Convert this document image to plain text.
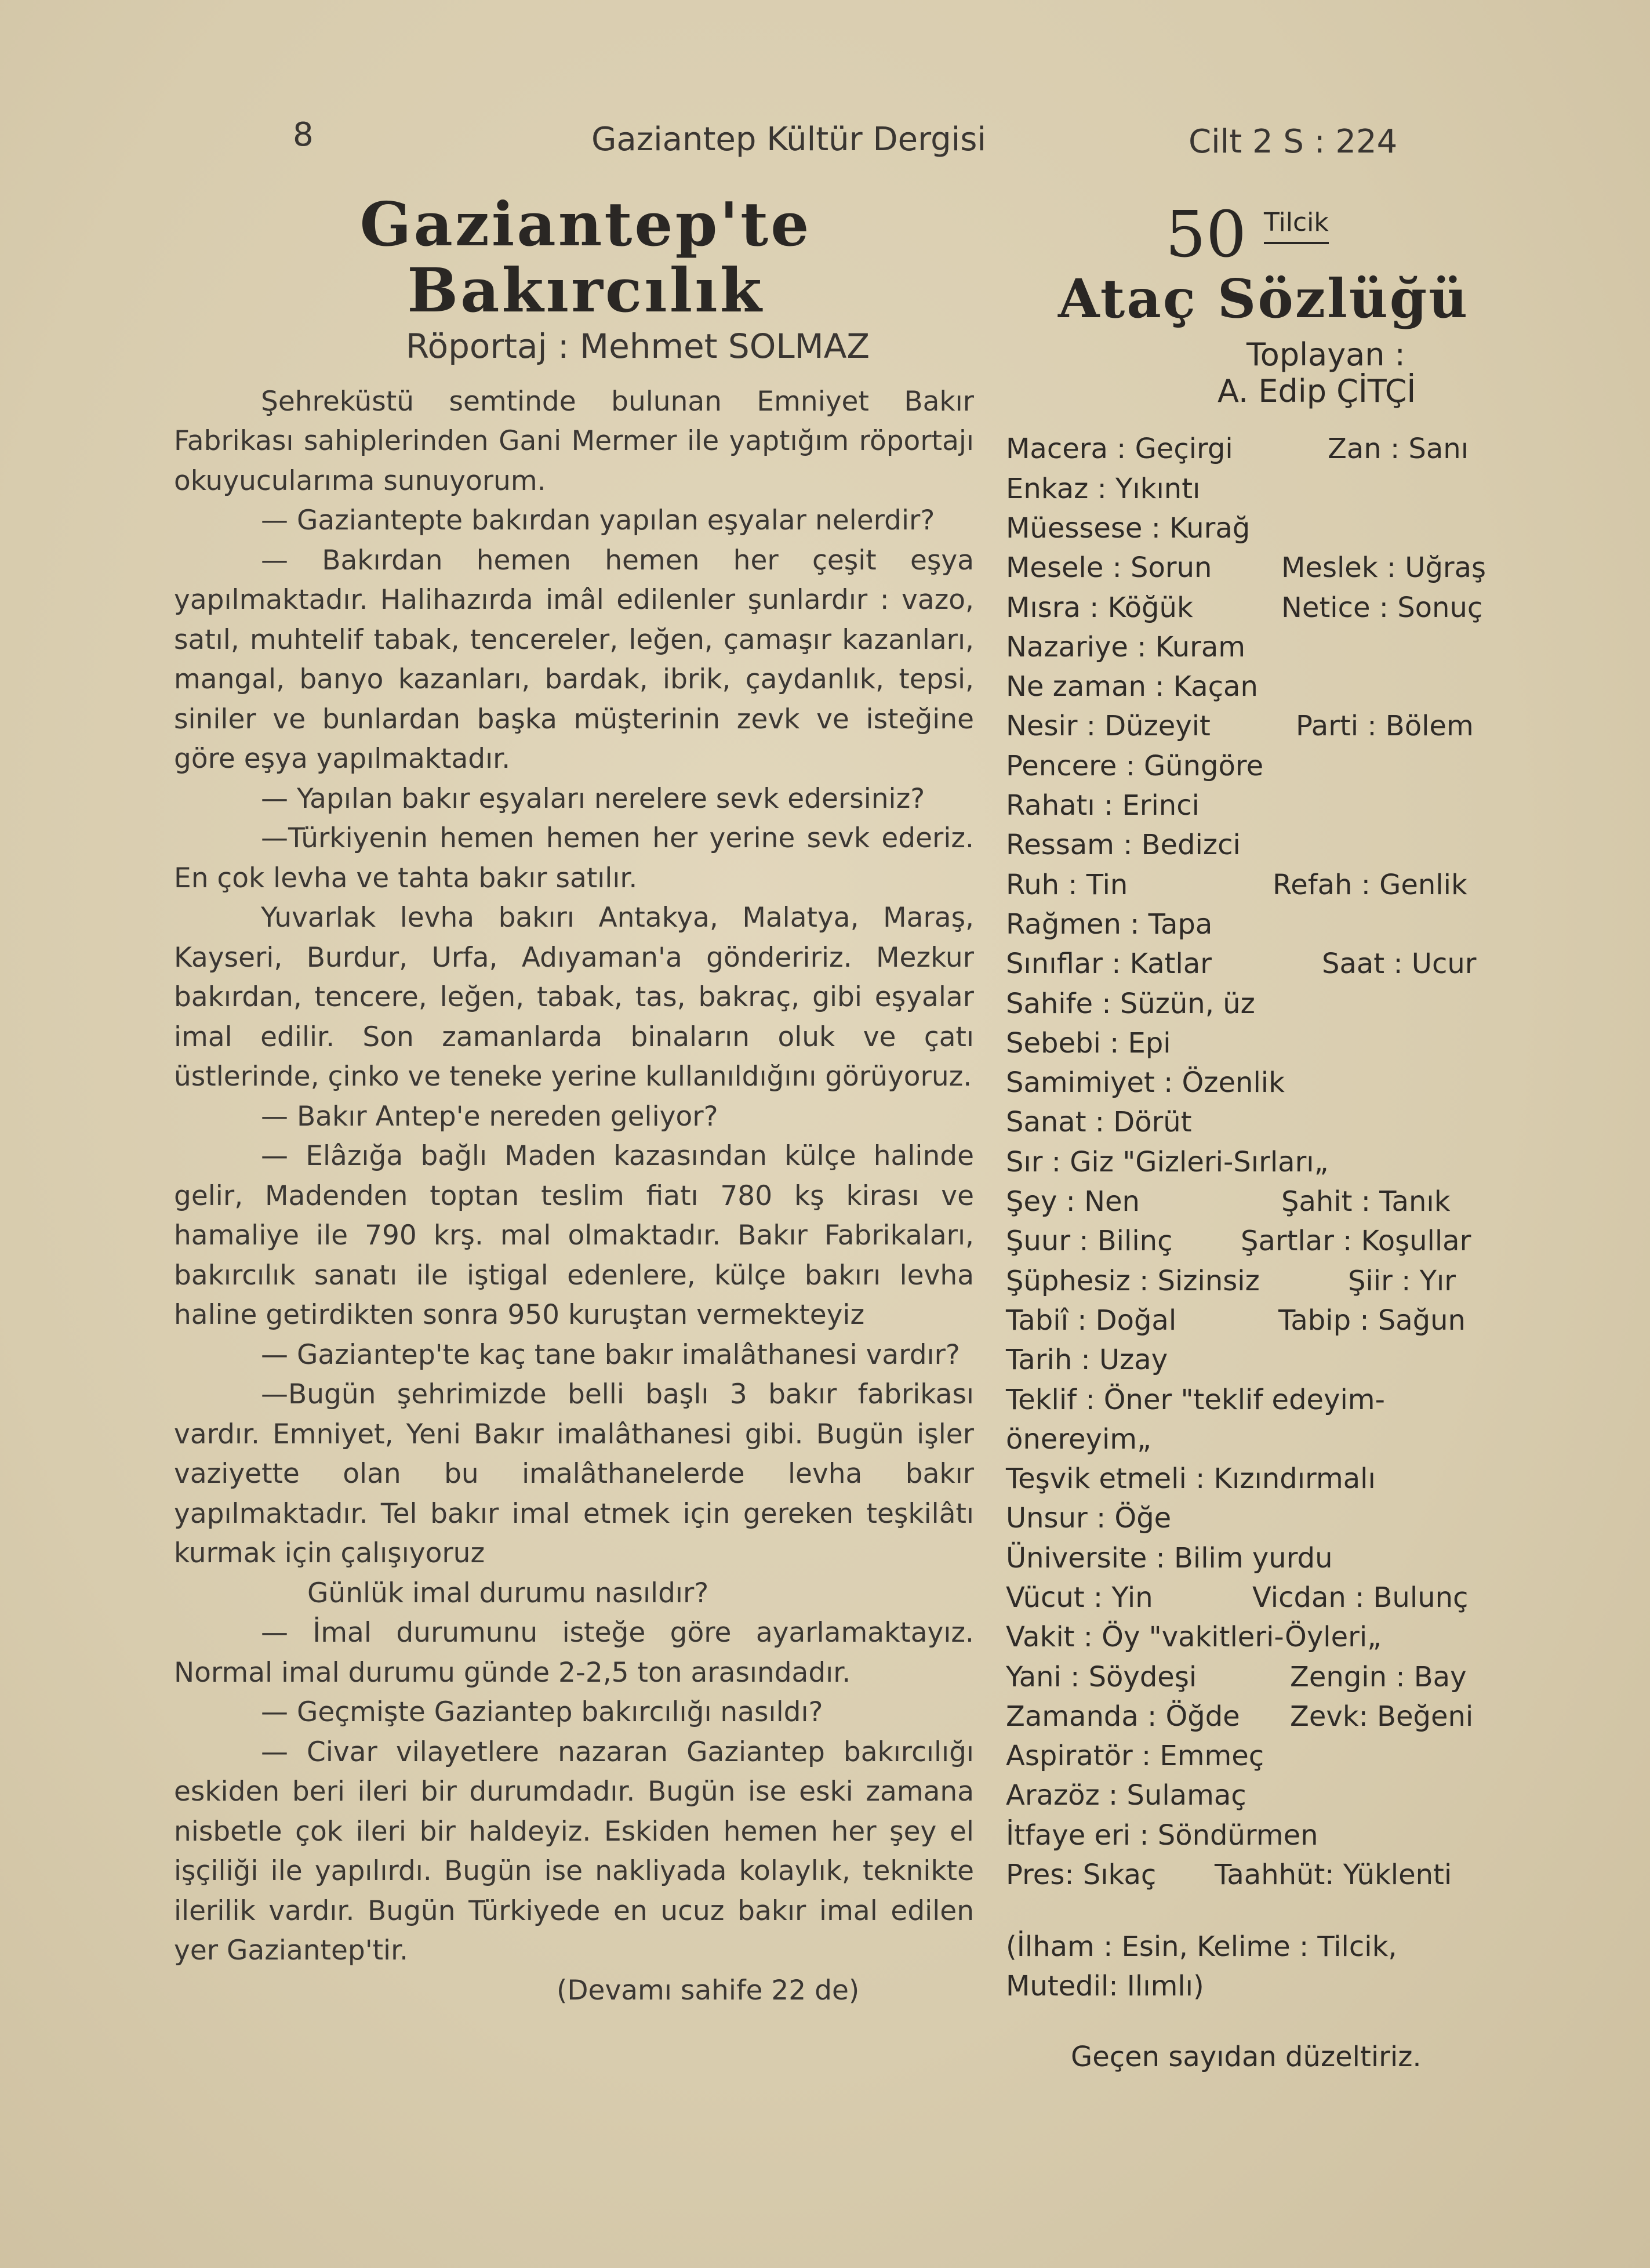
8	Gaziantep Kültür Dergisi	Cilt 2 S : 224
Gaziantep'te Bakırcılık
Röportaj : Mehmet SOLMAZ

Şehreküstü semtinde bulunan Emniyet Bakır Fabrikası sahiplerinden Gani Mermer ile yaptığım röportajı okuyucularıma sunuyorum.

— Gaziantepte bakırdan yapılan eşyalar nelerdir?

— Bakırdan hemen hemen her çeşit eşya yapılmaktadır. Halihazırda imâl edilenler şunlardır : vazo, satıl, muhtelif tabak, tencereler, leğen, çamaşır kazanları, mangal, banyo kazanları, bardak, ibrik, çaydanlık, tepsi, siniler ve bunlardan başka müşterinin zevk ve isteğine göre eşya yapılmaktadır.

— Yapılan bakır eşyaları nerelere sevk edersiniz?

—Türkiyenin hemen hemen her yerine sevk ederiz. En çok levha ve tahta bakır satılır.

Yuvarlak levha bakırı Antakya, Malatya, Maraş, Kayseri, Burdur, Urfa, Adıyaman'a göndeririz. Mezkur bakırdan, tencere, leğen, tabak, tas, bakraç, gibi eşyalar imal edilir. Son zamanlarda binaların oluk ve çatı üstlerinde, çinko ve teneke yerine kullanıldığını görüyoruz.

— Bakır Antep'e nereden geliyor?

— Elâzığa bağlı Maden kazasından külçe halinde gelir, Madenden toptan teslim fiatı 780 kş kirası ve hamaliye ile 790 krş. mal olmaktadır. Bakır Fabrikaları, bakırcılık sanatı ile iştigal edenlere, külçe bakırı levha haline getirdikten sonra 950 kuruştan vermekteyiz

— Gaziantep'te kaç tane bakır imalâthanesi vardır?

—Bugün şehrimizde belli başlı 3 bakır fabrikası vardır. Emniyet, Yeni Bakır imalâthanesi gibi. Bugün işler vaziyette olan bu imalâthanelerde levha bakır yapılmaktadır. Tel bakır imal etmek için gereken teşkilâtı kurmak için çalışıyoruz

Günlük imal durumu nasıldır?

— İmal durumunu isteğe göre ayarlamaktayız. Normal imal durumu günde 2-2,5 ton arasındadır.

— Geçmişte Gaziantep bakırcılığı nasıldı?

— Civar vilayetlere nazaran Gaziantep bakırcılığı eskiden beri ileri bir durumdadır. Bugün ise eski zamana nisbetle çok ileri bir haldeyiz. Eskiden hemen her şey el işçiliği ile yapılırdı. Bugün ise nakliyada kolaylık, teknikte ilerilik vardır. Bugün Türkiyede en ucuz bakır imal edilen yer Gaziantep'tir.

(Devamı sahife 22 de)
50 Tilcik
Ataç Sözlüğü
Toplayan :
A. Edip ÇİTÇİ
Macera : Geçirgi	Zan : Sanı
Enkaz : Yıkıntı
Müessese : Kurağ
Mesele : Sorun Meslek : Uğraş
Mısra : Köğük	Netice : Sonuç
Nazariye : Kuram
Ne zaman : Kaçan
Nesir : Düzeyit	Parti : Bölem
Pencere : Güngöre
Rahatı : Erinci
Ressam : Bedizci
Ruh : Tin	Refah : Genlik
Rağmen : Tapa
Sınıflar : Katlar	Saat : Ucur
Sahife : Süzün, üz
Sebebi : Epi
Samimiyet : Özenlik
Sanat : Dörüt
Sır : Giz "Gizleri-Sırları„
Şey : Nen	Şahit : Tanık
Şuur : Bilinç Şartlar : Koşullar
Şüphesiz : Sizinsiz	Şiir : Yır
Tabiî : Doğal	Tabip : Sağun
Tarih : Uzay
Teklif : Öner "teklif edeyim-
önereyim„
Teşvik etmeli : Kızındırmalı
Unsur : Öğe
Üniversite : Bilim yurdu
Vücut : Yin	Vicdan : Bulunç
Vakit : Öy "vakitleri-Öyleri„
Yani : Söydeşi	Zengin : Bay
Zamanda : Öğde Zevk: Beğeni
Aspiratör : Emmeç
Arazöz : Sulamaç
İtfaye eri : Söndürmen
Pres: Sıkaç Taahhüt: Yüklenti
(İlham : Esin, Kelime : Tilcik, Mutedil: Ilımlı)
Geçen sayıdan düzeltiriz.
